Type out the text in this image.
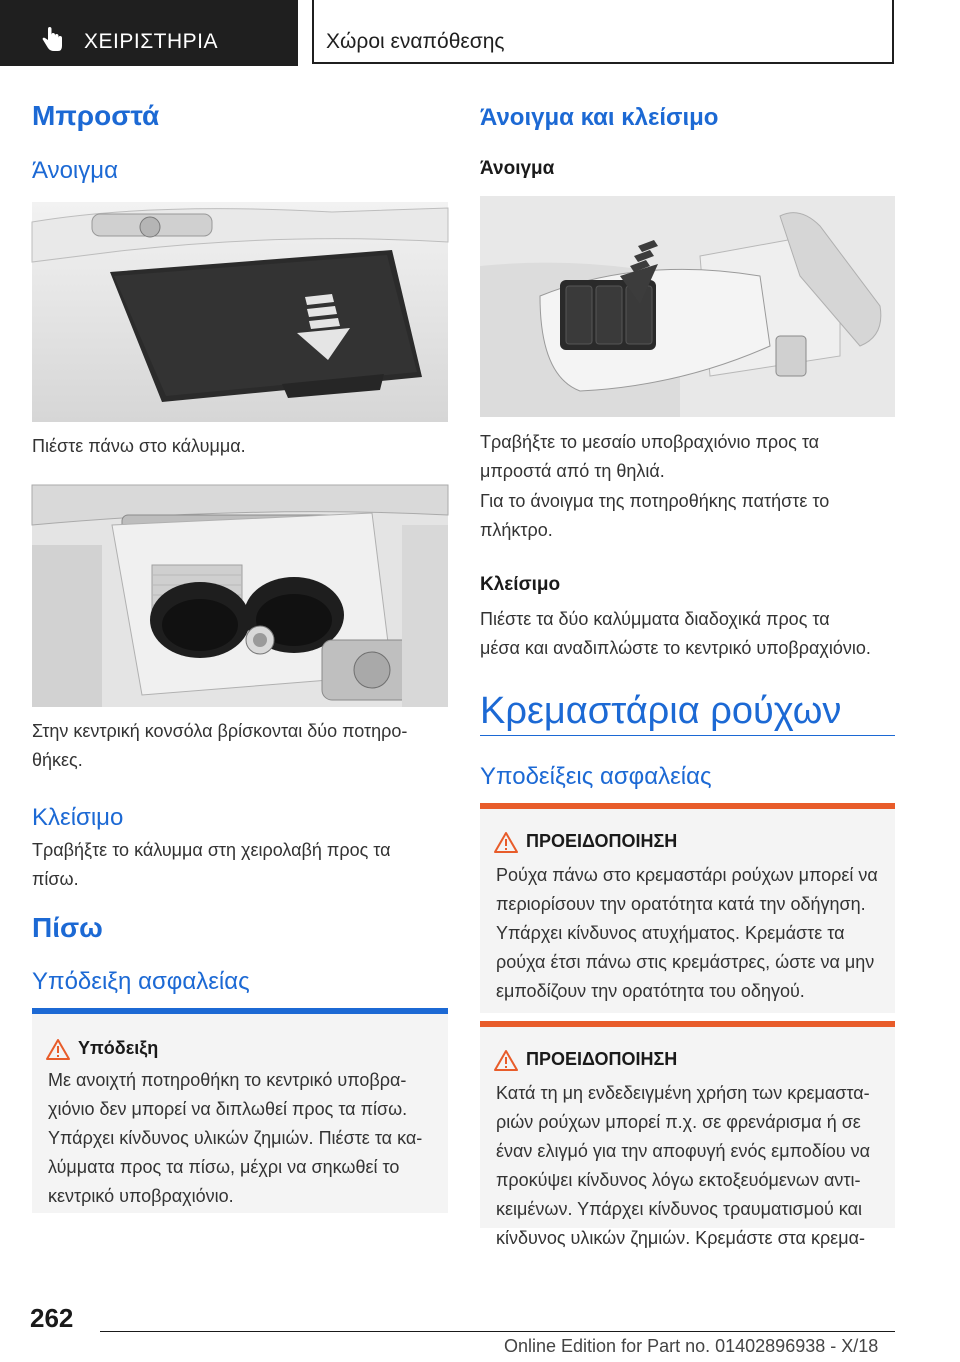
ΧΕΙΡΙΣΤΗΡΙΑ	Χώροι εναπόθεσης
Μπροστά
Άνοιγμα
Πιέστε πάνω στο κάλυμμα.
Στην κεντρική κονσόλα βρίσκονται δύο ποτηρο-
θήκες.
Κλείσιμο
Τραβήξτε το κάλυμμα στη χειρολαβή προς τα
πίσω.
Πίσω
Υπόδειξη ασφαλείας
Υπόδειξη
Με ανοιχτή ποτηροθήκη το κεντρικό υποβρα-
χιόνιο δεν μπορεί να διπλωθεί προς τα πίσω.
Υπάρχει κίνδυνος υλικών ζημιών. Πιέστε τα κα-
λύμματα προς τα πίσω, μέχρι να σηκωθεί το
κεντρικό υποβραχιόνιο.
Άνοιγμα και κλείσιμο
Άνοιγμα
Τραβήξτε το μεσαίο υποβραχιόνιο προς τα
μπροστά από τη θηλιά.
Για το άνοιγμα της ποτηροθήκης πατήστε το
πλήκτρο.
Κλείσιμο
Πιέστε τα δύο καλύμματα διαδοχικά προς τα
μέσα και αναδιπλώστε το κεντρικό υποβραχιόνιο.
Κρεμαστάρια ρούχων
Υποδείξεις ασφαλείας
ΠΡΟΕΙΔΟΠΟΙΗΣΗ
Ρούχα πάνω στο κρεμαστάρι ρούχων μπορεί να
περιορίσουν την ορατότητα κατά την οδήγηση.
Υπάρχει κίνδυνος ατυχήματος. Κρεμάστε τα
ρούχα έτσι πάνω στις κρεμάστρες, ώστε να μην
εμποδίζουν την ορατότητα του οδηγού.
ΠΡΟΕΙΔΟΠΟΙΗΣΗ
Κατά τη μη ενδεδειγμένη χρήση των κρεμαστα-
ριών ρούχων μπορεί π.χ. σε φρενάρισμα ή σε
έναν ελιγμό για την αποφυγή ενός εμποδίου να
προκύψει κίνδυνος λόγω εκτοξευόμενων αντι-
κειμένων. Υπάρχει κίνδυνος τραυματισμού και
κίνδυνος υλικών ζημιών. Κρεμάστε στα κρεμα-
262
Online Edition for Part no. 01402896938 - X/18
